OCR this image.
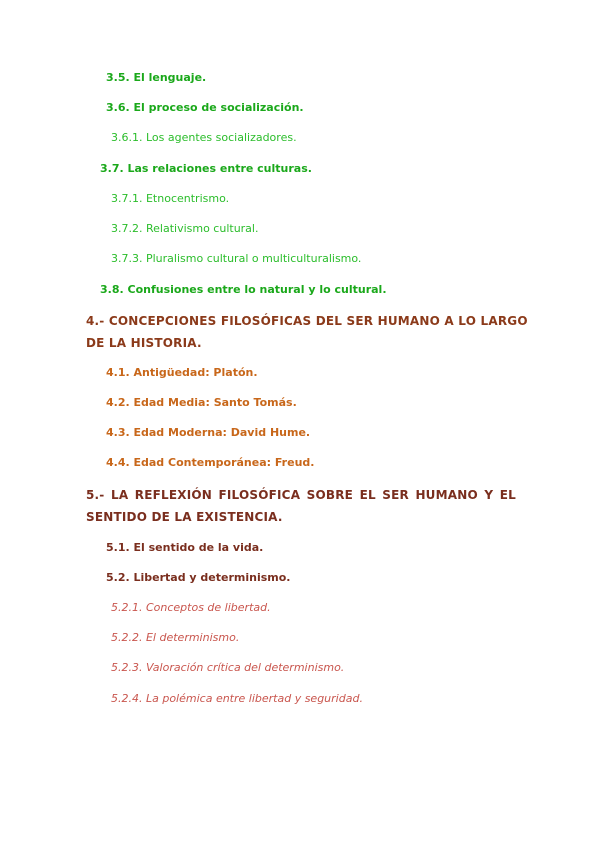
3.5. El lenguaje.
3.6. El proceso de socialización.
3.6.1. Los agentes socializadores.
3.7. Las relaciones entre culturas.
3.7.1. Etnocentrismo.
3.7.2. Relativismo cultural.
3.7.3. Pluralismo cultural o multiculturalismo.
3.8. Confusiones entre lo natural y lo cultural.
4.- CONCEPCIONES FILOSÓFICAS DEL SER HUMANO A LO LARGO
DE LA HISTORIA.
4.1. Antigüedad: Platón.
4.2. Edad Media: Santo Tomás.
4.3. Edad Moderna: David Hume.
4.4. Edad Contemporánea: Freud.
5.- LA REFLEXIÓN FILOSÓFICA SOBRE EL SER HUMANO Y EL
SENTIDO DE LA EXISTENCIA.
5.1. El sentido de la vida.
5.2. Libertad y determinismo.
5.2.1. Conceptos de libertad.
5.2.2. El determinismo.
5.2.3. Valoración crítica del determinismo.
5.2.4. La polémica entre libertad y seguridad.
